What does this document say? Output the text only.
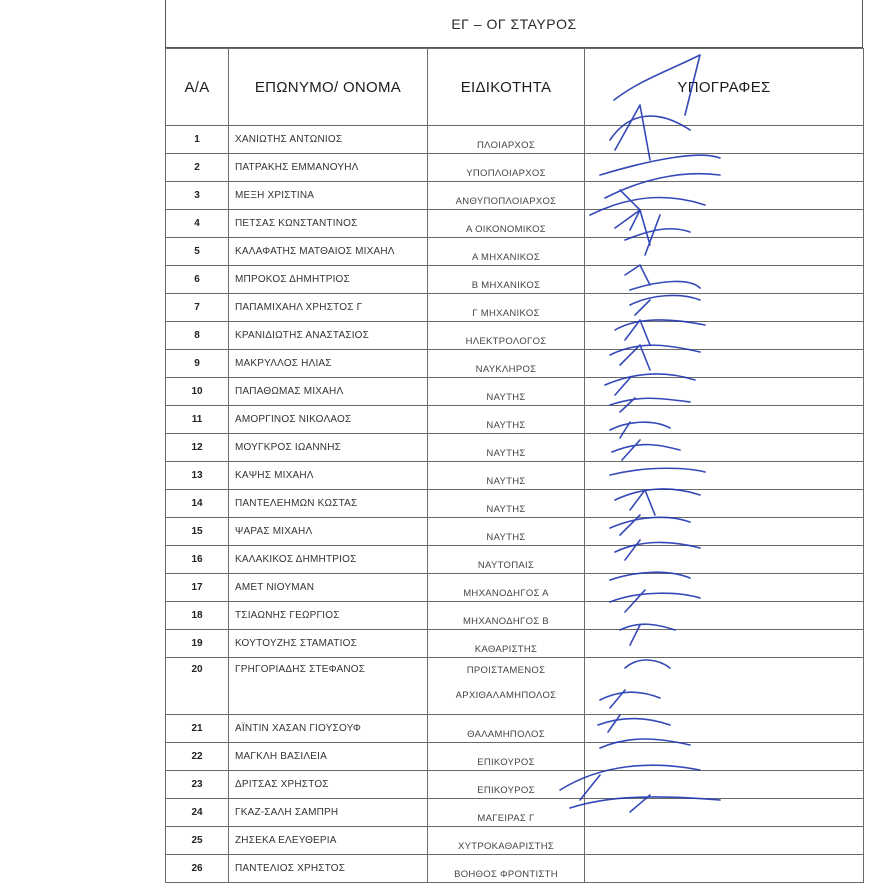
ΕΓ – ΟΓ ΣΤΑΥΡΟΣ
Α/Α	ΕΠΩΝΥΜΟ/ ΟΝΟΜΑ	ΕΙΔΙΚΟΤΗΤΑ	ΥΠΟΓΡΑΦΕΣ
1	ΧΑΝΙΩΤΗΣ ΑΝΤΩΝΙΟΣ	ΠΛΟΙΑΡΧΟΣ	
2	ΠΑΤΡΑΚΗΣ ΕΜΜΑΝΟΥΗΛ	ΥΠΟΠΛΟΙΑΡΧΟΣ	
3	ΜΕΞΗ ΧΡΙΣΤΙΝΑ	ΑΝΘΥΠΟΠΛΟΙΑΡΧΟΣ	
4	ΠΕΤΣΑΣ ΚΩΝΣΤΑΝΤΙΝΟΣ	Α ΟΙΚΟΝΟΜΙΚΟΣ	
5	ΚΑΛΑΦΑΤΗΣ ΜΑΤΘΑΙΟΣ ΜΙΧΑΗΛ	Α ΜΗΧΑΝΙΚΟΣ	
6	ΜΠΡΟΚΟΣ ΔΗΜΗΤΡΙΟΣ	Β ΜΗΧΑΝΙΚΟΣ	
7	ΠΑΠΑΜΙΧΑΗΛ ΧΡΗΣΤΟΣ Γ	Γ ΜΗΧΑΝΙΚΟΣ	
8	ΚΡΑΝΙΔΙΩΤΗΣ ΑΝΑΣΤΑΣΙΟΣ	ΗΛΕΚΤΡΟΛΟΓΟΣ	
9	ΜΑΚΡΥΛΛΟΣ ΗΛΙΑΣ	ΝΑΥΚΛΗΡΟΣ	
10	ΠΑΠΑΘΩΜΑΣ ΜΙΧΑΗΛ	ΝΑΥΤΗΣ	
11	ΑΜΟΡΓΙΝΟΣ ΝΙΚΟΛΑΟΣ	ΝΑΥΤΗΣ	
12	ΜΟΥΓΚΡΟΣ ΙΩΑΝΝΗΣ	ΝΑΥΤΗΣ	
13	ΚΑΨΗΣ ΜΙΧΑΗΛ	ΝΑΥΤΗΣ	
14	ΠΑΝΤΕΛΕΗΜΩΝ ΚΩΣΤΑΣ	ΝΑΥΤΗΣ	
15	ΨΑΡΑΣ ΜΙΧΑΗΛ	ΝΑΥΤΗΣ	
16	ΚΑΛΑΚΙΚΟΣ ΔΗΜΗΤΡΙΟΣ	ΝΑΥΤΟΠΑΙΣ	
17	ΑΜΕΤ ΝΙΟΥΜΑΝ	ΜΗΧΑΝΟΔΗΓΟΣ Α	
18	ΤΣΙΑΩΝΗΣ ΓΕΩΡΓΙΟΣ	ΜΗΧΑΝΟΔΗΓΟΣ Β	
19	ΚΟΥΤΟΥΖΗΣ ΣΤΑΜΑΤΙΟΣ	ΚΑΘΑΡΙΣΤΗΣ	
20	ΓΡΗΓΟΡΙΑΔΗΣ ΣΤΕΦΑΝΟΣ	ΠΡΟΙΣΤΑΜΕΝΟΣ
ΑΡΧΙΘΑΛΑΜΗΠΟΛΟΣ	

21	ΑΪΝΤΙΝ ΧΑΣΑΝ ΓΙΟΥΣΟΥΦ	ΘΑΛΑΜΗΠΟΛΟΣ	
22	ΜΑΓΚΛΗ ΒΑΣΙΛΕΙΑ	ΕΠΙΚΟΥΡΟΣ	
23	ΔΡΙΤΣΑΣ ΧΡΗΣΤΟΣ	ΕΠΙΚΟΥΡΟΣ	
24	ΓΚΑΖ-ΣΑΛΗ ΣΑΜΠΡΗ	ΜΑΓΕΙΡΑΣ Γ	
25	ΖΗΣΕΚΑ ΕΛΕΥΘΕΡΙΑ	ΧΥΤΡΟΚΑΘΑΡΙΣΤΗΣ	
26	ΠΑΝΤΕΛΙΟΣ ΧΡΗΣΤΟΣ	ΒΟΗΘΟΣ ΦΡΟΝΤΙΣΤΗ	
